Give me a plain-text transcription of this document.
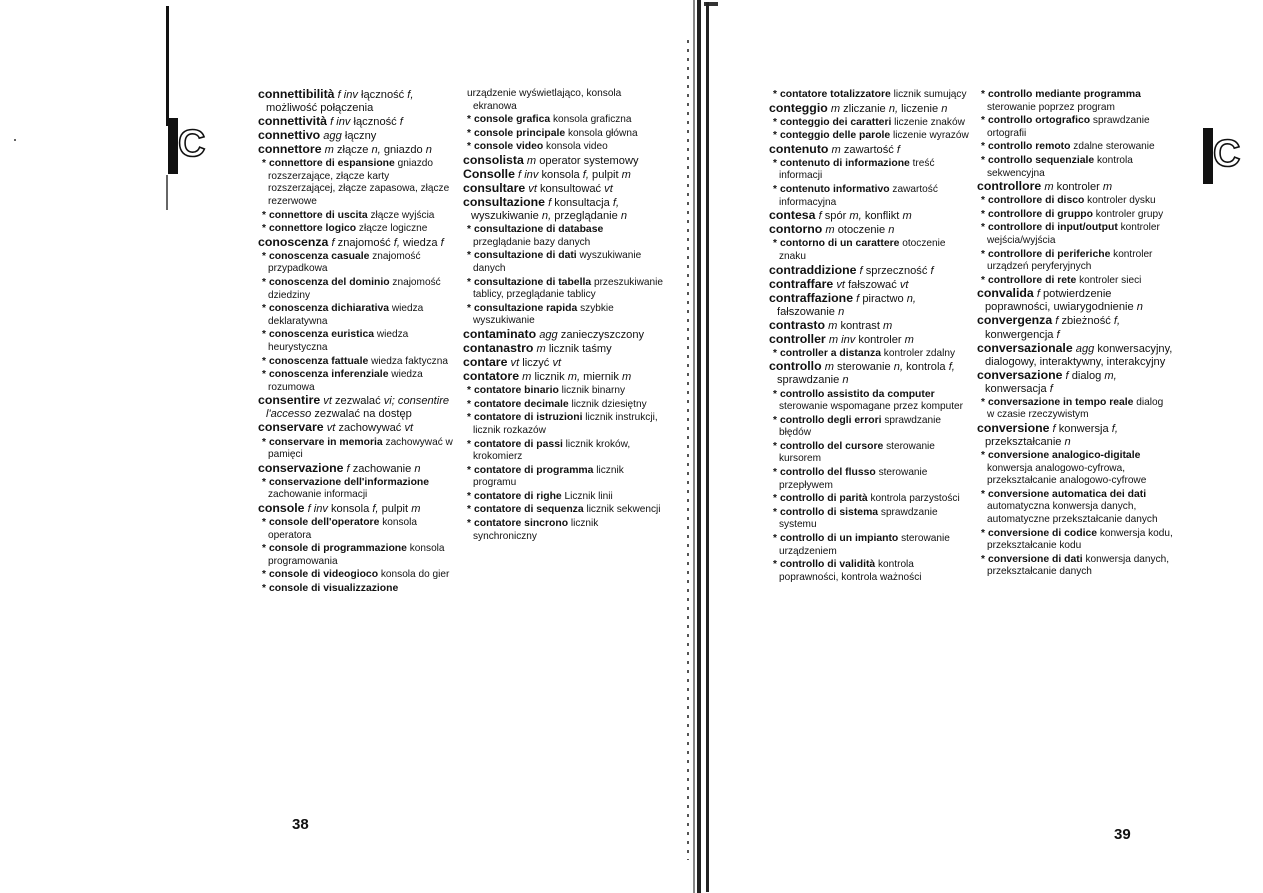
C
connettibilità f inv łączność f, możliwość połączenia
connettività f inv łączność f
connettivo agg łączny
connettore m złącze n, gniazdo n
* connettore di espansione gniazdo rozszerzające, złącze karty rozszerzającej, złącze zapasowa, złącze rezerwowe
* connettore di uscita złącze wyjścia
* connettore logico złącze logiczne
conoscenza f znajomość f, wiedza f
* conoscenza casuale znajomość przypadkowa
* conoscenza del dominio znajomość dziedziny
* conoscenza dichiarativa wiedza deklaratywna
* conoscenza euristica wiedza heurystyczna
* conoscenza fattuale wiedza faktyczna
* conoscenza inferenziale wiedza rozumowa
consentire vt zezwalać vi; consentire l'accesso zezwalać na dostęp
conservare vt zachowywać vt
* conservare in memoria zachowywać w pamięci
conservazione f zachowanie n
* conservazione dell'informazione zachowanie informacji
console f inv konsola f, pulpit m
* console dell'operatore konsola operatora
* console di programmazione konsola programowania
* console di videogioco konsola do gier
* console di visualizzazione
urządzenie wyświetlająco, konsola ekranowa
* console grafica konsola graficzna
* console principale konsola główna
* console video konsola video
consolista m operator systemowy
Consolle f inv konsola f, pulpit m
consultare vt konsultować vt
consultazione f konsultacja f, wyszukiwanie n, przeglądanie n
* consultazione di database przeglądanie bazy danych
* consultazione di dati wyszukiwanie danych
* consultazione di tabella przeszukiwanie tablicy, przeglądanie tablicy
* consultazione rapida szybkie wyszukiwanie
contaminato agg zanieczyszczony
contanastro m licznik taśmy
contare vt liczyć vt
contatore m licznik m, miernik m
* contatore binario licznik binarny
* contatore decimale licznik dziesiętny
* contatore di istruzioni licznik instrukcji, licznik rozkazów
* contatore di passi licznik kroków, krokomierz
* contatore di programma licznik programu
* contatore di righe Licznik linii
* contatore di sequenza licznik sekwencji
* contatore sincrono licznik synchroniczny
38
* contatore totalizzatore licznik sumujący
conteggio m zliczanie n, liczenie n
* conteggio dei caratteri liczenie znaków
* conteggio delle parole liczenie wyrazów
contenuto m zawartość f
* contenuto di informazione treść informacji
* contenuto informativo zawartość informacyjna
contesa f spór m, konflikt m
contorno m otoczenie n
* contorno di un carattere otoczenie znaku
contraddizione f sprzeczność f
contraffare vt fałszować vt
contraffazione f piractwo n, fałszowanie n
contrasto m kontrast m
controller m inv kontroler m
* controller a distanza kontroler zdalny
controllo m sterowanie n, kontrola f, sprawdzanie n
* controllo assistito da computer sterowanie wspomagane przez komputer
* controllo degli errori sprawdzanie błędów
* controllo del cursore sterowanie kursorem
* controllo del flusso sterowanie przepływem
* controllo di parità kontrola parzystości
* controllo di sistema sprawdzanie systemu
* controllo di un impianto sterowanie urządzeniem
* controllo di validità kontrola poprawności, kontrola ważności
* controllo mediante programma sterowanie poprzez program
* controllo ortografico sprawdzanie ortografii
* controllo remoto zdalne sterowanie
* controllo sequenziale kontrola sekwencyjna
controllore m kontroler m
* controllore di disco kontroler dysku
* controllore di gruppo kontroler grupy
* controllore di input/output kontroler wejścia/wyjścia
* controllore di periferiche kontroler urządzeń peryferyjnych
* controllore di rete kontroler sieci
convalida f potwierdzenie poprawności, uwiarygodnienie n
convergenza f zbieżność f, konwergencja f
conversazionale agg konwersacyjny, dialogowy, interaktywny, interakcyjny
conversazione f dialog m, konwersacja f
* conversazione in tempo reale dialog w czasie rzeczywistym
conversione f konwersja f, przekształcanie n
* conversione analogico-digitale konwersja analogowo-cyfrowa, przekształcanie analogowo-cyfrowe
* conversione automatica dei dati automatyczna konwersja danych, automatyczne przekształcanie danych
* conversione di codice konwersja kodu, przekształcanie kodu
* conversione di dati konwersja danych, przekształcanie danych
39
C
